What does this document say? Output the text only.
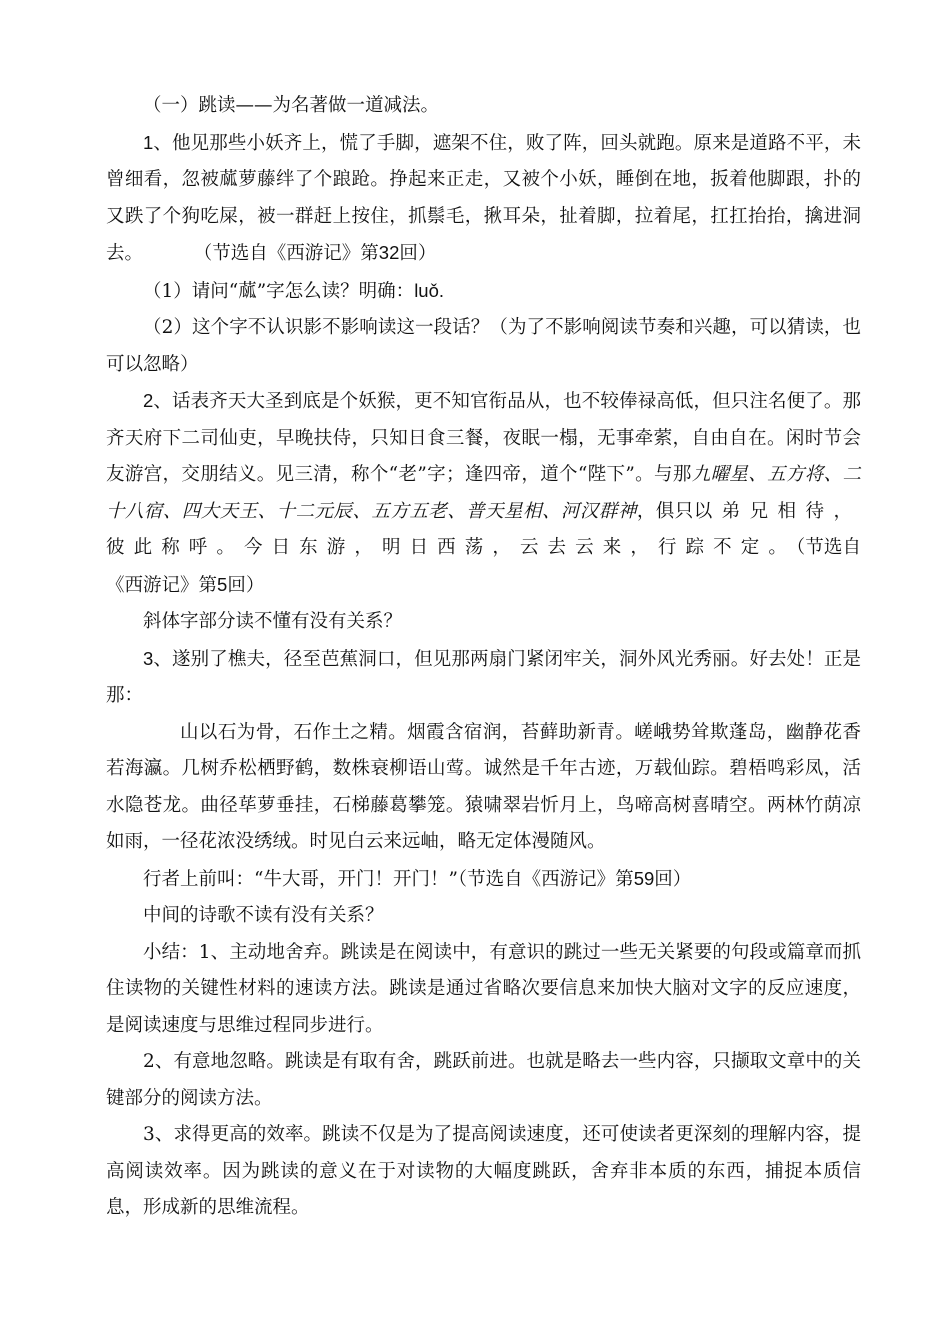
（一）跳读——为名著做一道减法。

1、他见那些小妖齐上，慌了手脚，遮架不住，败了阵，回头就跑。原来是道路不平，未曾细看，忽被蓏萝藤绊了个踉跄。挣起来正走，又被个小妖，睡倒在地，扳着他脚跟，扑的又跌了个狗吃屎，被一群赶上按住，抓鬃毛，揪耳朵，扯着脚，拉着尾，扛扛抬抬，擒进洞去。	（节选自《西游记》第32回）

（1）请问“蓏”字怎么读？明确：luǒ.

（2）这个字不认识影不影响读这一段话？（为了不影响阅读节奏和兴趣，可以猜读，也可以忽略）

2、话表齐天大圣到底是个妖猴，更不知官衔品从，也不较俸禄高低，但只注名便了。那齐天府下二司仙吏，早晚扶侍，只知日食三餐，夜眠一榻，无事牵萦，自由自在。闲时节会友游宫，交朋结义。见三清，称个“老”字；逢四帝，道个“陛下”。与那九曜星、五方将、二十八宿、四大天王、十二元辰、五方五老、普天星相、河汉群神，俱只以弟兄相待，彼此称呼。今日东游，明日西荡，云去云来，行踪不定。（节选自《西游记》第5回）

斜体字部分读不懂有没有关系？

3、遂别了樵夫，径至芭蕉洞口，但见那两扇门紧闭牢关，洞外风光秀丽。好去处！正是那：

山以石为骨，石作土之精。烟霞含宿润，苔藓助新青。嵯峨势耸欺蓬岛，幽静花香若海瀛。几树乔松栖野鹤，数株衰柳语山莺。诚然是千年古迹，万载仙踪。碧梧鸣彩凤，活水隐苍龙。曲径荜萝垂挂，石梯藤葛攀笼。猿啸翠岩忻月上，鸟啼高树喜晴空。两林竹荫凉如雨，一径花浓没绣绒。时见白云来远岫，略无定体漫随风。

行者上前叫：“牛大哥，开门！开门！”（节选自《西游记》第59回）

中间的诗歌不读有没有关系？

小结：1、主动地舍弃。跳读是在阅读中，有意识的跳过一些无关紧要的句段或篇章而抓住读物的关键性材料的速读方法。跳读是通过省略次要信息来加快大脑对文字的反应速度，是阅读速度与思维过程同步进行。

2、有意地忽略。跳读是有取有舍，跳跃前进。也就是略去一些内容，只撷取文章中的关键部分的阅读方法。

3、求得更高的效率。跳读不仅是为了提高阅读速度，还可使读者更深刻的理解内容，提高阅读效率。因为跳读的意义在于对读物的大幅度跳跃，舍弃非本质的东西，捕捉本质信息，形成新的思维流程。
